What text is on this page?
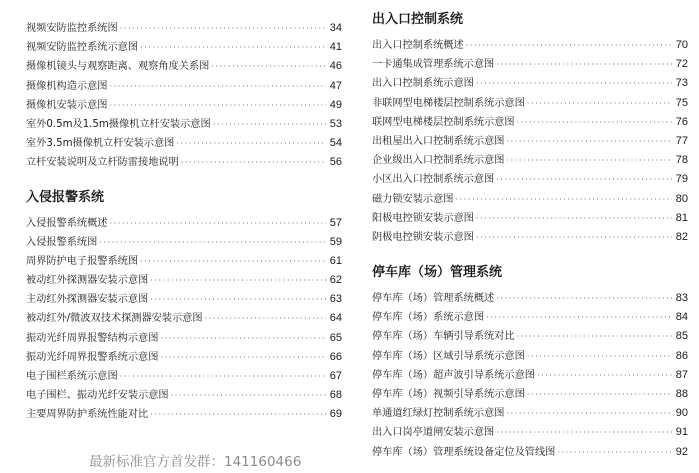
视频安防监控系统图 ·····	34
视频安防监控系统示意图 ·····	41
摄像机镜头与观察距离、观察角度关系图 ·····	46
摄像机构造示意图 ·····	47
摄像机安装示意图 ·····	49
室外0.5m及1.5m摄像机立杆安装示意图 ·····	53
室外3.5m摄像机立杆安装示意图 ·····	54
立杆安装说明及立杆防雷接地说明 ·····	56
入侵报警系统
入侵报警系统概述 ·····	57
入侵报警系统图 ·····	59
周界防护电子报警系统图 ·····	61
被动红外探测器安装示意图 ·····	62
主动红外探测器安装示意图 ·····	63
被动红外/微波双技术探测器安装示意图 ·····	64
振动光纤周界报警结构示意图 ·····	65
振动光纤周界报警系统示意图 ·····	66
电子围栏系统示意图 ·····	67
电子围栏、振动光纤安装示意图 ·····	68
主要周界防护系统性能对比 ·····	69
出入口控制系统
出入口控制系统概述 ·····	70
一卡通集成管理系统示意图 ·····	72
出入口控制系统示意图 ·····	73
非联网型电梯楼层控制系统示意图 ·····	75
联网型电梯楼层控制系统示意图 ·····	76
出租屋出入口控制系统示意图 ·····	77
企业级出入口控制系统示意图 ·····	78
小区出入口控制系统示意图 ·····	79
磁力锁安装示意图 ·····	80
阳极电控锁安装示意图 ·····	81
阴极电控锁安装示意图 ·····	82
停车库（场）管理系统
停车库（场）管理系统概述 ·····	83
停车库（场）系统示意图 ·····	84
停车库（场）车辆引导系统对比 ·····	85
停车库（场）区域引导系统示意图 ·····	86
停车库（场）超声波引导系统示意图 ·····	87
停车库（场）视频引导系统示意图 ·····	88
单通道红绿灯控制系统示意图 ·····	90
出入口岗亭道闸安装示意图 ·····	91
停车库（场）管理系统设备定位及管线图 ·····	92
最新标准官方首发群：141160466
